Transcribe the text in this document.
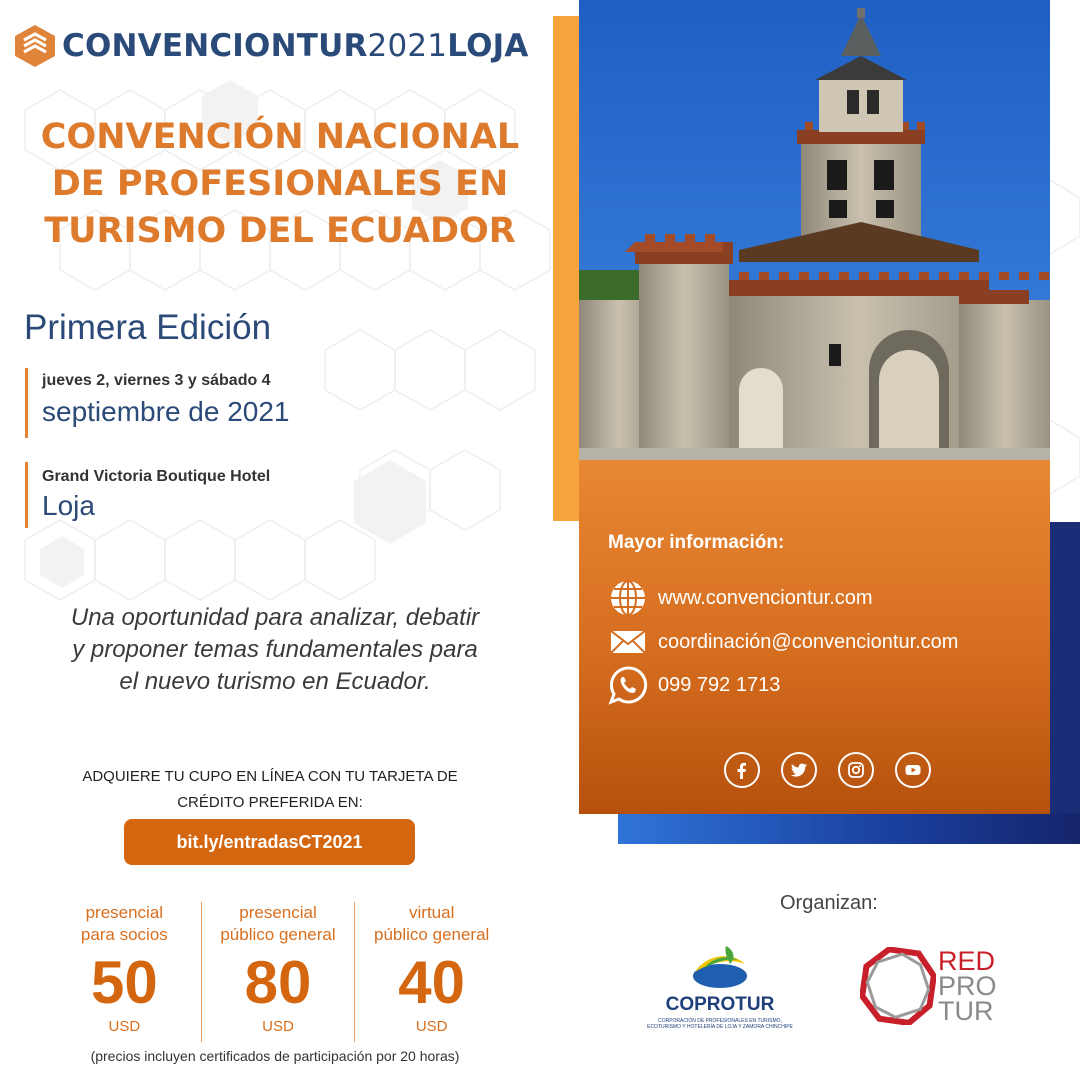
CONVENCIONTUR2021LOJA
CONVENCIÓN NACIONAL
DE PROFESIONALES EN
TURISMO DEL ECUADOR
Primera Edición
jueves 2, viernes 3 y sábado 4
septiembre de 2021
Grand Victoria Boutique Hotel
Loja
Una oportunidad para analizar, debatir
y proponer temas fundamentales para
el nuevo turismo en Ecuador.
ADQUIERE TU CUPO EN LÍNEA CON TU TARJETA DE
CRÉDITO PREFERIDA EN:
bit.ly/entradasCT2021
presencial
para socios
50
USD
presencial
público general
80
USD
virtual
público general
40
USD
(precios incluyen certificados de participación por 20 horas)
Mayor información:
www.convenciontur.com
coordinación@convenciontur.com
099 792 1713
Organizan:
COPROTUR
CORPORACIÓN DE PROFESIONALES EN TURISMO,
ECOTURISMO Y HOTELERÍA DE LOJA Y ZAMORA CHINCHIPE
RED
PRO
TUR
